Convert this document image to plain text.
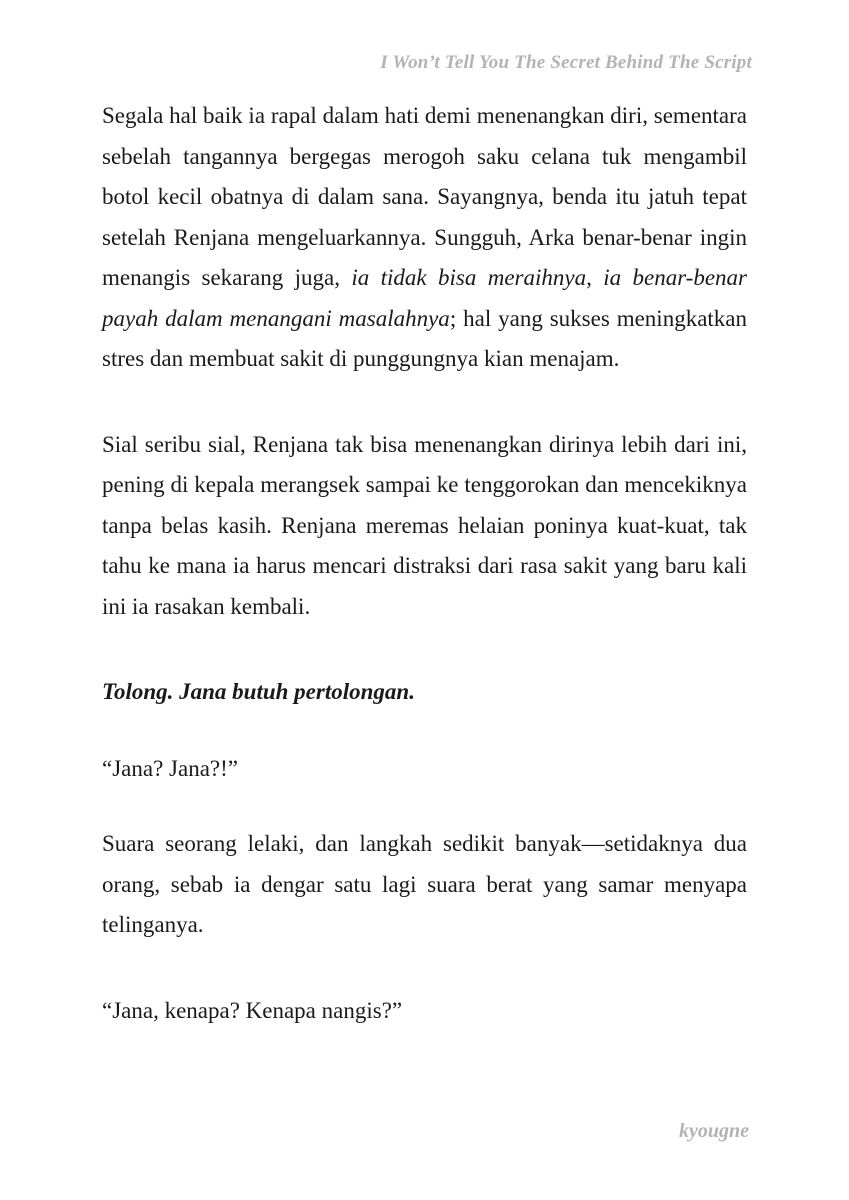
I Won’t Tell You The Secret Behind The Script

Segala hal baik ia rapal dalam hati demi menenangkan diri, sementara sebelah tangannya bergegas merogoh saku celana tuk mengambil botol kecil obatnya di dalam sana. Sayangnya, benda itu jatuh tepat setelah Renjana mengeluarkannya. Sungguh, Arka benar-benar ingin menangis sekarang juga, ia tidak bisa meraihnya, ia benar-benar payah dalam menangani masalahnya; hal yang sukses meningkatkan stres dan membuat sakit di punggungnya kian menajam.

Sial seribu sial, Renjana tak bisa menenangkan dirinya lebih dari ini, pening di kepala merangsek sampai ke tenggorokan dan mencekiknya tanpa belas kasih. Renjana meremas helaian poninya kuat-kuat, tak tahu ke mana ia harus mencari distraksi dari rasa sakit yang baru kali ini ia rasakan kembali.

Tolong. Jana butuh pertolongan.

“Jana? Jana?!”

Suara seorang lelaki, dan langkah sedikit banyak—setidaknya dua orang, sebab ia dengar satu lagi suara berat yang samar menyapa telinganya.

“Jana, kenapa? Kenapa nangis?”

kyougne
